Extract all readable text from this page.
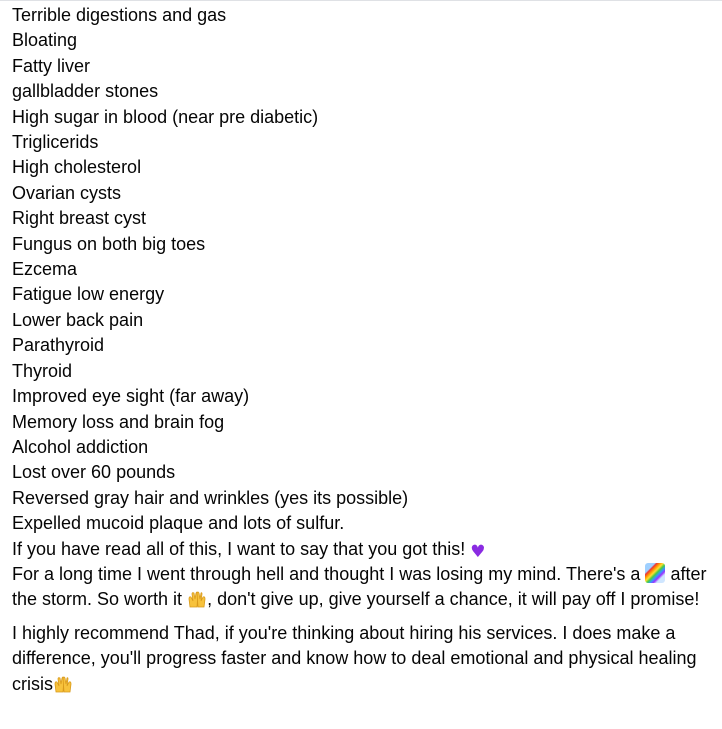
Terrible digestions and gas
Bloating
Fatty liver
gallbladder stones
High sugar in blood (near pre diabetic)
Triglicerids
High cholesterol
Ovarian cysts
Right breast cyst
Fungus on both big toes
Ezcema
Fatigue low energy
Lower back pain
Parathyroid
Thyroid
Improved eye sight (far away)
Memory loss and brain fog
Alcohol addiction
Lost over 60 pounds
Reversed gray hair and wrinkles (yes its possible)
Expelled mucoid plaque and lots of sulfur.
If you have read all of this, I want to say that you got this! ♥

For a long time I went through hell and thought I was losing my mind. There's a after the storm. So worth it , don't give up, give yourself a chance, it will pay off I promise!

I highly recommend Thad, if you're thinking about hiring his services. I does make a difference, you'll progress faster and know how to deal emotional and physical healing crisis
